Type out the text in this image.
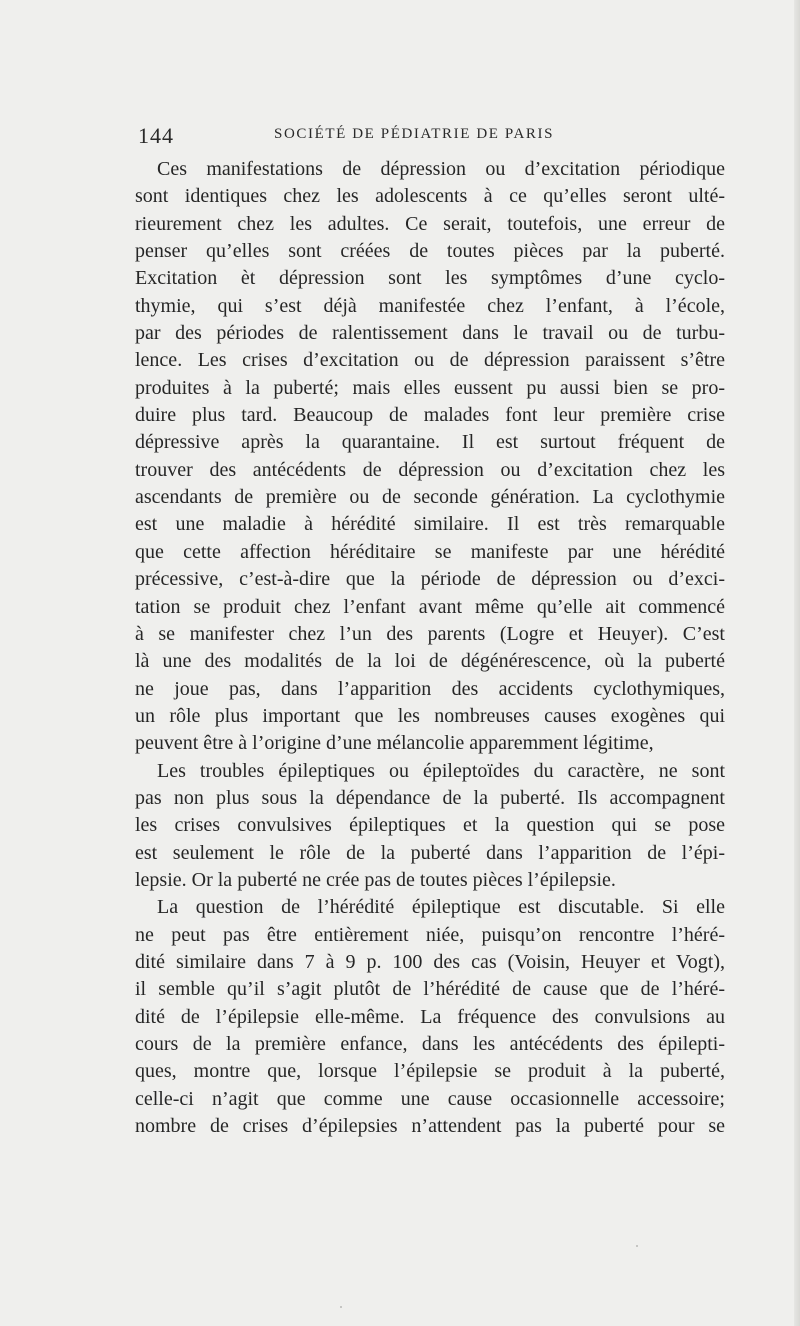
144	SOCIÉTÉ DE PÉDIATRIE DE PARIS
Ces manifestations de dépression ou d’excitation périodique
sont identiques chez les adolescents à ce qu’elles seront ulté-
rieurement chez les adultes. Ce serait, toutefois, une erreur de
penser qu’elles sont créées de toutes pièces par la puberté.
Excitation èt dépression sont les symptômes d’une cyclo-
thymie, qui s’est déjà manifestée chez l’enfant, à l’école,
par des périodes de ralentissement dans le travail ou de turbu-
lence. Les crises d’excitation ou de dépression paraissent s’être
produites à la puberté; mais elles eussent pu aussi bien se pro-
duire plus tard. Beaucoup de malades font leur première crise
dépressive après la quarantaine. Il est surtout fréquent de
trouver des antécédents de dépression ou d’excitation chez les
ascendants de première ou de seconde génération. La cyclothymie
est une maladie à hérédité similaire. Il est très remarquable
que cette affection héréditaire se manifeste par une hérédité
précessive, c’est-à-dire que la période de dépression ou d’exci-
tation se produit chez l’enfant avant même qu’elle ait commencé
à se manifester chez l’un des parents (Logre et Heuyer). C’est
là une des modalités de la loi de dégénérescence, où la puberté
ne joue pas, dans l’apparition des accidents cyclothymiques,
un rôle plus important que les nombreuses causes exogènes qui
peuvent être à l’origine d’une mélancolie apparemment légitime,
Les troubles épileptiques ou épileptoïdes du caractère, ne sont
pas non plus sous la dépendance de la puberté. Ils accompagnent
les crises convulsives épileptiques et la question qui se pose
est seulement le rôle de la puberté dans l’apparition de l’épi-
lepsie. Or la puberté ne crée pas de toutes pièces l’épilepsie.
La question de l’hérédité épileptique est discutable. Si elle
ne peut pas être entièrement niée, puisqu’on rencontre l’héré-
dité similaire dans 7 à 9 p. 100 des cas (Voisin, Heuyer et Vogt),
il semble qu’il s’agit plutôt de l’hérédité de cause que de l’héré-
dité de l’épilepsie elle-même. La fréquence des convulsions au
cours de la première enfance, dans les antécédents des épilepti-
ques, montre que, lorsque l’épilepsie se produit à la puberté,
celle-ci n’agit que comme une cause occasionnelle accessoire;
nombre de crises d’épilepsies n’attendent pas la puberté pour se
